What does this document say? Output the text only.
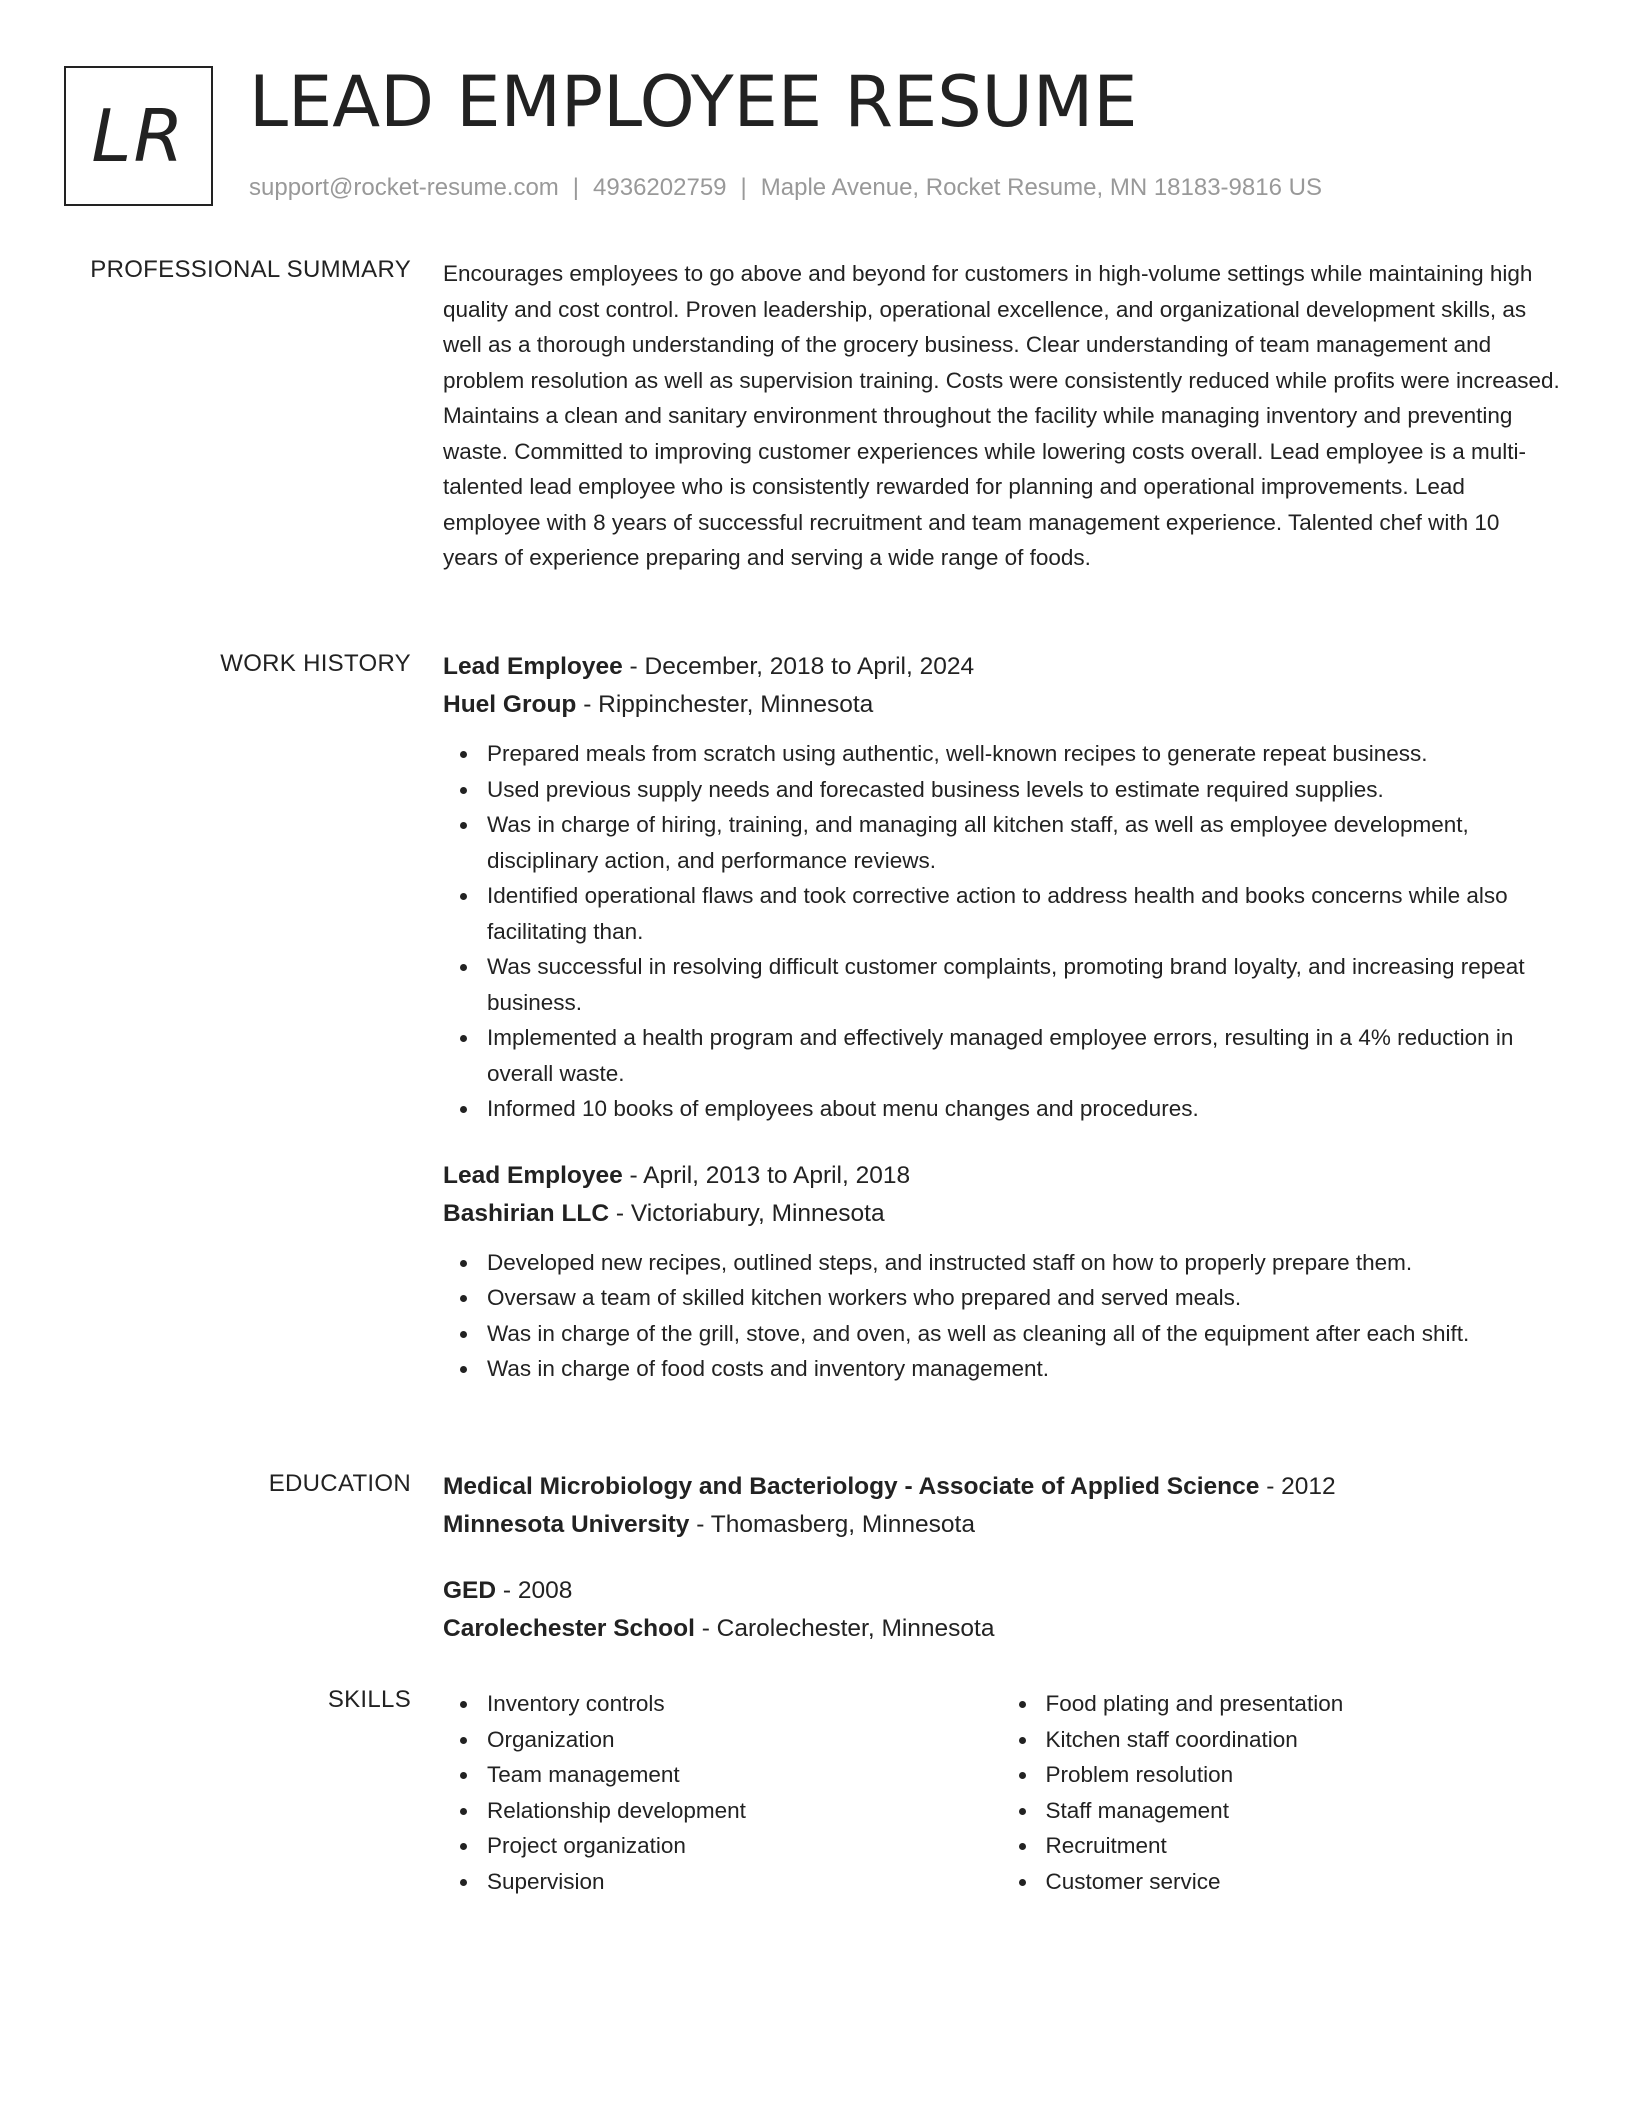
LR LEAD EMPLOYEE RESUME
support@rocket-resume.com | 4936202759 | Maple Avenue, Rocket Resume, MN 18183-9816 US
PROFESSIONAL SUMMARY Encourages employees to go above and beyond for customers in high-volume settings while maintaining high quality and cost control. Proven leadership, operational excellence, and organizational development skills, as well as a thorough understanding of the grocery business. Clear understanding of team management and problem resolution as well as supervision training. Costs were consistently reduced while profits were increased. Maintains a clean and sanitary environment throughout the facility while managing inventory and preventing waste. Committed to improving customer experiences while lowering costs overall. Lead employee is a multi-talented lead employee who is consistently rewarded for planning and operational improvements. Lead employee with 8 years of successful recruitment and team management experience. Talented chef with 10 years of experience preparing and serving a wide range of foods.

WORK HISTORY Lead Employee - December, 2018 to April, 2024
Huel Group - Rippinchester, Minnesota
Prepared meals from scratch using authentic, well-known recipes to generate repeat business.
Used previous supply needs and forecasted business levels to estimate required supplies.
Was in charge of hiring, training, and managing all kitchen staff, as well as employee development, disciplinary action, and performance reviews.
Identified operational flaws and took corrective action to address health and books concerns while also facilitating than.
Was successful in resolving difficult customer complaints, promoting brand loyalty, and increasing repeat business.
Implemented a health program and effectively managed employee errors, resulting in a 4% reduction in overall waste.
Informed 10 books of employees about menu changes and procedures.
Lead Employee - April, 2013 to April, 2018
Bashirian LLC - Victoriabury, Minnesota
Developed new recipes, outlined steps, and instructed staff on how to properly prepare them.
Oversaw a team of skilled kitchen workers who prepared and served meals.
Was in charge of the grill, stove, and oven, as well as cleaning all of the equipment after each shift.
Was in charge of food costs and inventory management.
EDUCATION Medical Microbiology and Bacteriology - Associate of Applied Science - 2012
Minnesota University - Thomasberg, Minnesota
GED - 2008
Carolechester School - Carolechester, Minnesota
SKILLS	Inventory controls
Organization
Team management
Relationship development
Project organization
Supervision
Food plating and presentation
Kitchen staff coordination
Problem resolution
Staff management
Recruitment
Customer service
